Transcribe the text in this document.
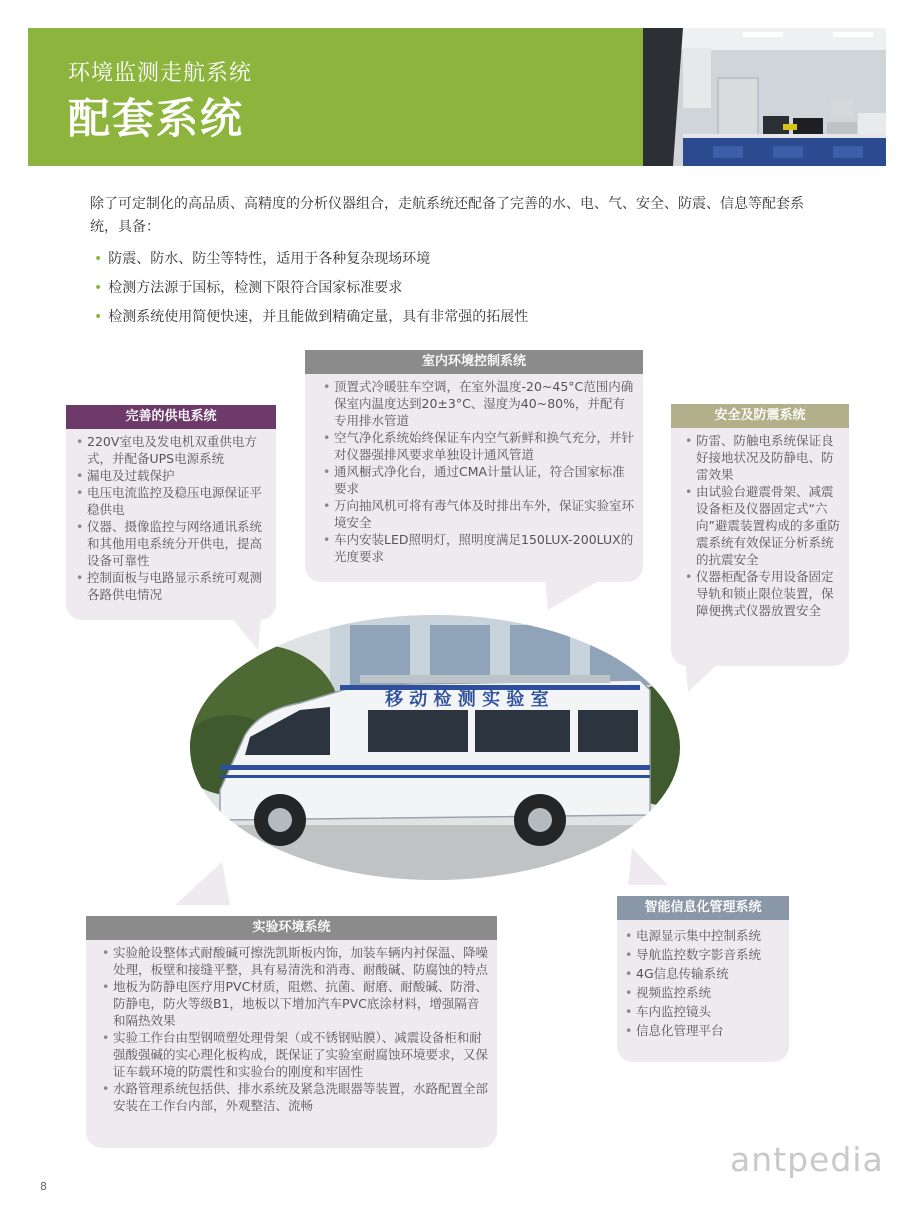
环境监测走航系统
配套系统

除了可定制化的高品质、高精度的分析仪器组合，走航系统还配备了完善的水、电、气、安全、防震、信息等配套系统，具备：

• 防震、防水、防尘等特性，适用于各种复杂现场环境
• 检测方法源于国标，检测下限符合国家标准要求
• 检测系统使用简便快速，并且能做到精确定量，具有非常强的拓展性
完善的供电系统
• 220V室电及发电机双重供电方式，并配备UPS电源系统
• 漏电及过载保护
• 电压电流监控及稳压电源保证平稳供电
• 仪器、摄像监控与网络通讯系统和其他用电系统分开供电，提高设备可靠性
• 控制面板与电路显示系统可观测各路供电情况
室内环境控制系统
• 顶置式冷暖驻车空调，在室外温度-20~45°C范围内确保室内温度达到20±3°C、湿度为40~80%，并配有专用排水管道
• 空气净化系统始终保证车内空气新鲜和换气充分，并针对仪器强排风要求单独设计通风管道
• 通风橱式净化台，通过CMA计量认证，符合国家标准要求
• 万向抽风机可将有毒气体及时排出车外，保证实验室环境安全
• 车内安装LED照明灯，照明度满足150LUX-200LUX的光度要求
安全及防震系统
• 防雷、防触电系统保证良好接地状况及防静电、防雷效果
• 由试验台避震骨架、减震设备柜及仪器固定式“六向”避震装置构成的多重防震系统有效保证分析系统的抗震安全
• 仪器柜配备专用设备固定导轨和锁止限位装置，保障便携式仪器放置安全
移 动 检 测 实 验 室
实验环境系统
• 实验舱设整体式耐酸碱可擦洗凯斯板内饰，加装车辆内衬保温、降噪处理，板壁和接缝平整，具有易清洗和消毒、耐酸碱、防腐蚀的特点
• 地板为防静电医疗用PVC材质，阻燃、抗菌、耐磨、耐酸碱、防滑、防静电，防火等级B1，地板以下增加汽车PVC底涂材料，增强隔音和隔热效果
• 实验工作台由型钢喷塑处理骨架（或不锈钢贴膜）、减震设备柜和耐强酸强碱的实心理化板构成，既保证了实验室耐腐蚀环境要求，又保证车载环境的防震性和实验台的刚度和牢固性
• 水路管理系统包括供、排水系统及紧急洗眼器等装置，水路配置全部安装在工作台内部，外观整洁、流畅
智能信息化管理系统
• 电源显示集中控制系统
• 导航监控数字影音系统
• 4G信息传输系统
• 视频监控系统
• 车内监控镜头
• 信息化管理平台
8
antpedia
